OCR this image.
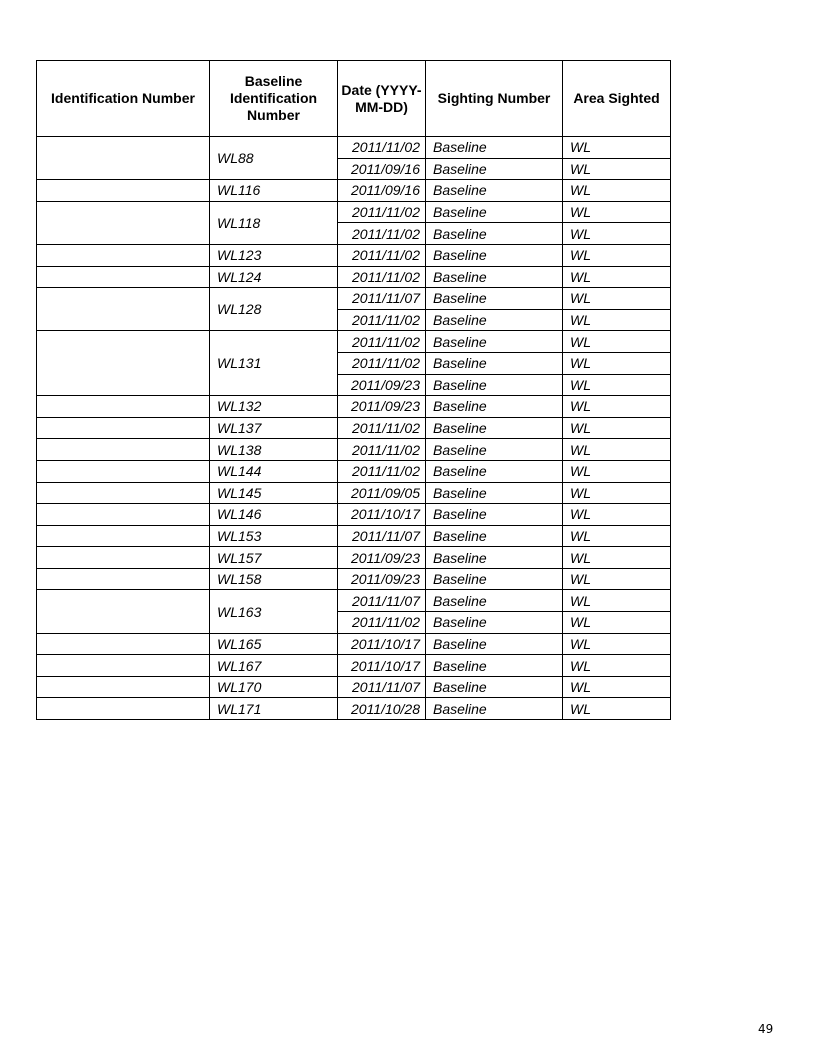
Identification Number	Baseline Identification Number	Date (YYYY-MM-DD)	Sighting Number	Area Sighted
	WL88	2011/11/02	Baseline	WL
		2011/09/16	Baseline	WL
	WL116	2011/09/16	Baseline	WL
	WL118	2011/11/02	Baseline	WL
		2011/11/02	Baseline	WL
	WL123	2011/11/02	Baseline	WL
	WL124	2011/11/02	Baseline	WL
	WL128	2011/11/07	Baseline	WL
		2011/11/02	Baseline	WL
	WL131	2011/11/02	Baseline	WL
		2011/11/02	Baseline	WL
		2011/09/23	Baseline	WL
	WL132	2011/09/23	Baseline	WL
	WL137	2011/11/02	Baseline	WL
	WL138	2011/11/02	Baseline	WL
	WL144	2011/11/02	Baseline	WL
	WL145	2011/09/05	Baseline	WL
	WL146	2011/10/17	Baseline	WL
	WL153	2011/11/07	Baseline	WL
	WL157	2011/09/23	Baseline	WL
	WL158	2011/09/23	Baseline	WL
	WL163	2011/11/07	Baseline	WL
		2011/11/02	Baseline	WL
	WL165	2011/10/17	Baseline	WL
	WL167	2011/10/17	Baseline	WL
	WL170	2011/11/07	Baseline	WL
	WL171	2011/10/28	Baseline	WL
49
